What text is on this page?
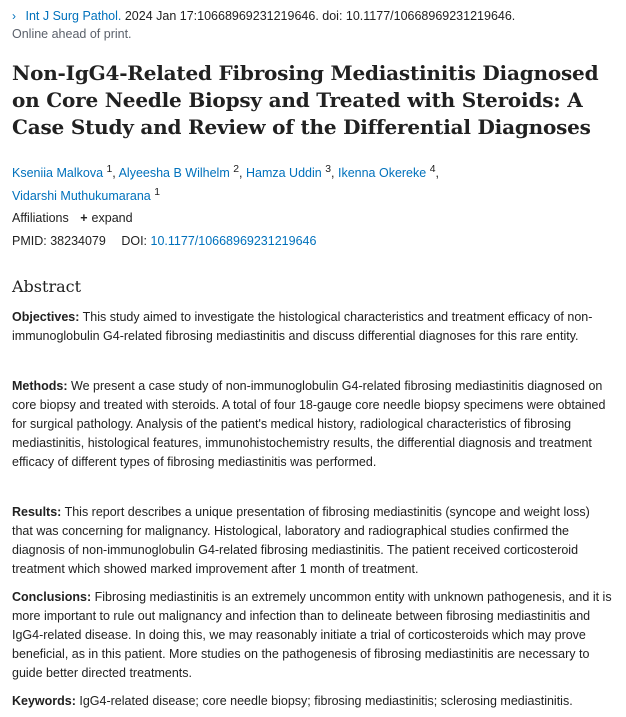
› Int J Surg Pathol. 2024 Jan 17:10668969231219646. doi: 10.1177/10668969231219646.
Online ahead of print.
Non-IgG4-Related Fibrosing Mediastinitis Diagnosed on Core Needle Biopsy and Treated with Steroids: A Case Study and Review of the Differential Diagnoses
Kseniia Malkova $^1$, Alyeesha B Wilhelm $^2$, Hamza Uddin $^3$, Ikenna Okereke $^4$,
Vidarshi Muthukumarana $^1$
Affiliations + expand
PMID: 38234079 DOI: 10.1177/10668969231219646
Abstract

Objectives: This study aimed to investigate the histological characteristics and treatment efficacy of non-immunoglobulin G4-related fibrosing mediastinitis and discuss differential diagnoses for this rare entity.

Methods: We present a case study of non-immunoglobulin G4-related fibrosing mediastinitis diagnosed on core biopsy and treated with steroids. A total of four 18-gauge core needle biopsy specimens were obtained for surgical pathology. Analysis of the patient's medical history, radiological characteristics of fibrosing mediastinitis, histological features, immunohistochemistry results, the differential diagnosis and treatment efficacy of different types of fibrosing mediastinitis was performed.

Results: This report describes a unique presentation of fibrosing mediastinitis (syncope and weight loss) that was concerning for malignancy. Histological, laboratory and radiographical studies confirmed the diagnosis of non-immunoglobulin G4-related fibrosing mediastinitis. The patient received corticosteroid treatment which showed marked improvement after 1 month of treatment.

Conclusions: Fibrosing mediastinitis is an extremely uncommon entity with unknown pathogenesis, and it is more important to rule out malignancy and infection than to delineate between fibrosing mediastinitis and IgG4-related disease. In doing this, we may reasonably initiate a trial of corticosteroids which may prove beneficial, as in this patient. More studies on the pathogenesis of fibrosing mediastinitis are necessary to guide better directed treatments.

Keywords: IgG4-related disease; core needle biopsy; fibrosing mediastinitis; sclerosing mediastinitis.
